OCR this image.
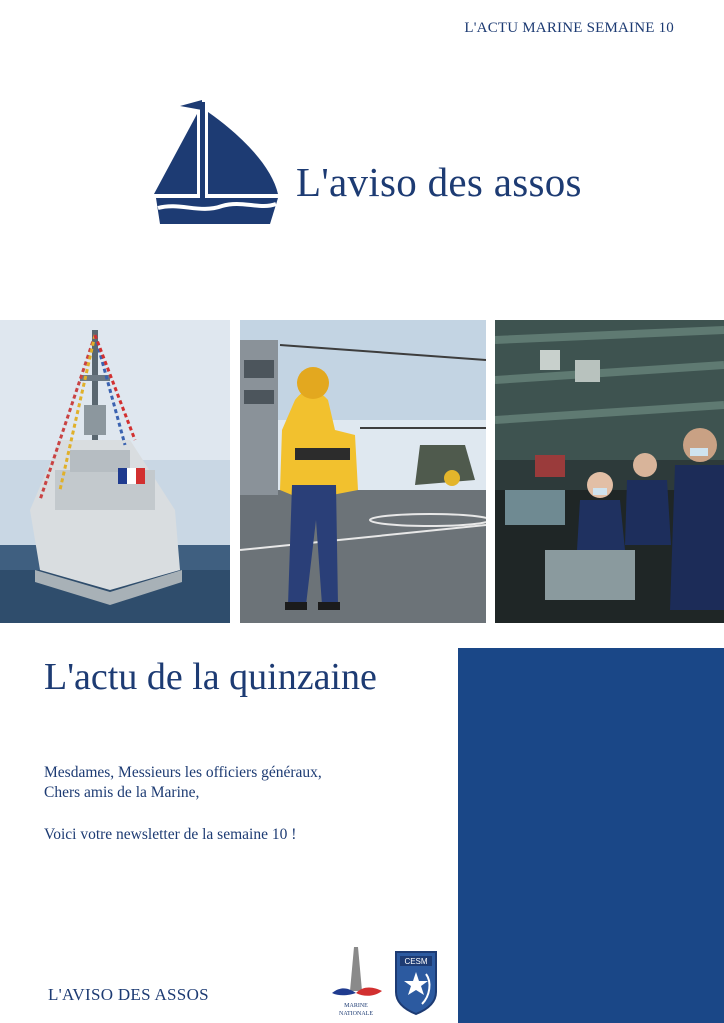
L'ACTU MARINE SEMAINE 10
L'aviso des assos
L'actu de la quinzaine
Mesdames, Messieurs les officiers généraux,
Chers amis de la Marine,
Voici votre newsletter de la semaine 10 !
L'AVISO DES ASSOS
MARINE
NATIONALE
CESM
